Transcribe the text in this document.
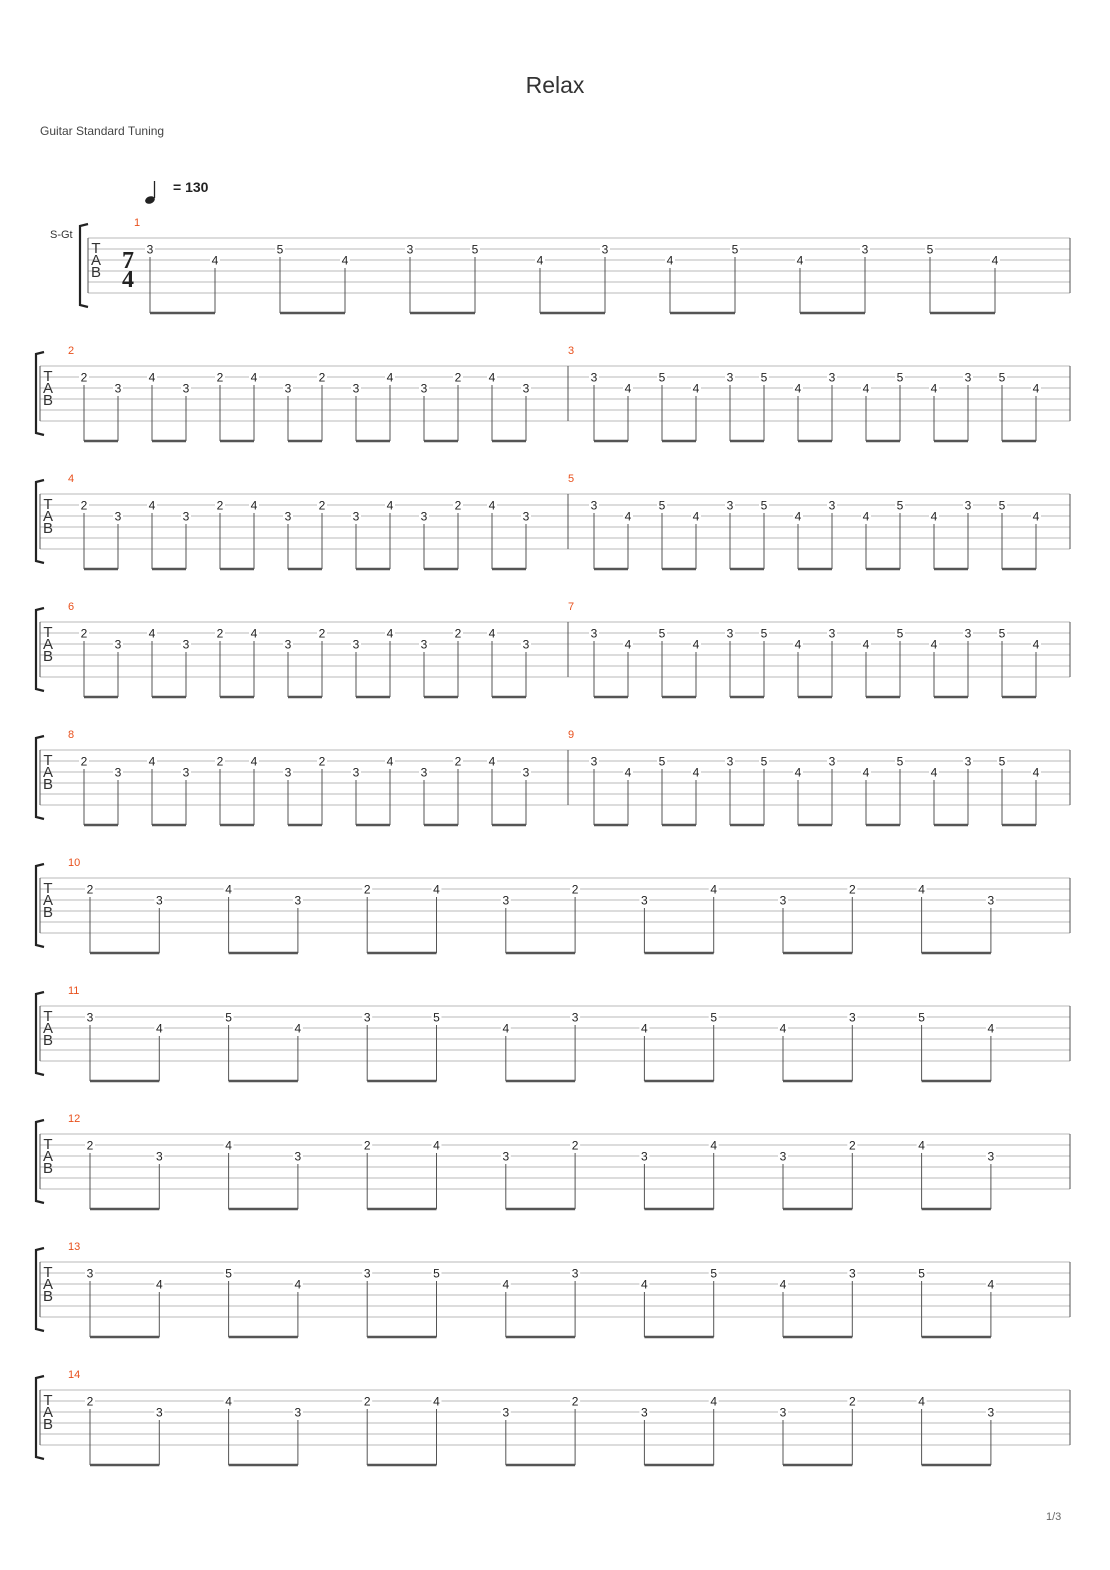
Relax
Guitar Standard Tuning
= 130
S-Gt
1/3
T
A
B 7
4
1
3
4
5
4
3	5
4
3
4
5
4
3	5
4
T
A
B
2
2
3
4
3
2 4
3
2
3
4
3
2 4
3
3
3
4
5
4
3 5
4
3
4
5
4
3 5
4
T
A
B
4
2
3
4
3
2 4
3
2
3
4
3
2 4
3
5
3
4
5
4
3 5
4
3
4
5
4
3 5
4
T
A
B
6
2
3
4
3
2 4
3
2
3
4
3
2 4
3
7
3
4
5
4
3 5
4
3
4
5
4
3 5
4
T
A
B
8
2
3
4
3
2 4
3
2
3
4
3
2 4
3
9
3
4
5
4
3 5
4
3
4
5
4
3 5
4
T
A
B
10
2
3
4
3
2	4
3
2
3
4
3
2	4
3
T
A
B
11
3
4
5
4
3	5
4
3
4
5
4
3	5
4
T
A
B
12
2
3
4
3
2	4
3
2
3
4
3
2	4
3
T
A
B
13
3
4
5
4
3	5
4
3
4
5
4
3	5
4
T
A
B
14
2
3
4
3
2	4
3
2
3
4
3
2	4
3
